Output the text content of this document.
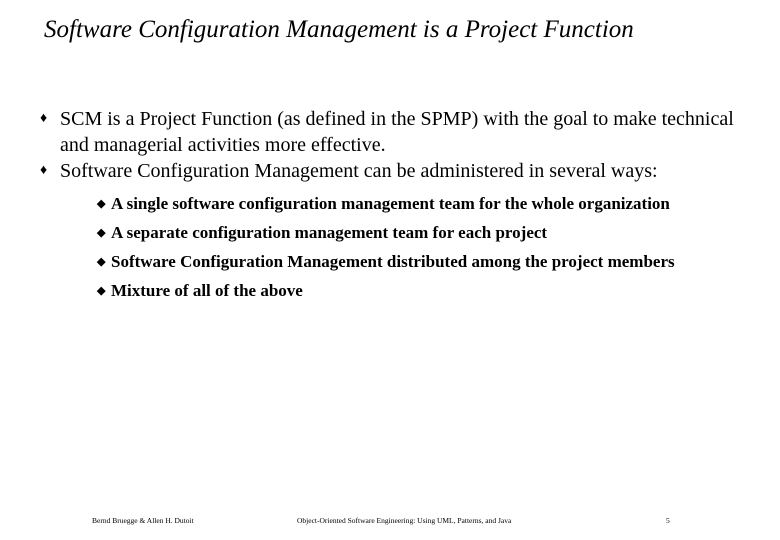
Software Configuration Management is a Project Function
♦ SCM is a Project Function (as defined in the SPMP) with the goal to make technical and managerial activities more effective.
♦ Software Configuration Management can be administered in several ways:
◆ A single software configuration management team for the whole organization
◆ A separate configuration management team for each project
◆ Software Configuration Management distributed among the project members
◆ Mixture of all of the above
Bernd Bruegge & Allen H. Dutoit	Object-Oriented Software Engineering: Using UML, Patterns, and Java	5
